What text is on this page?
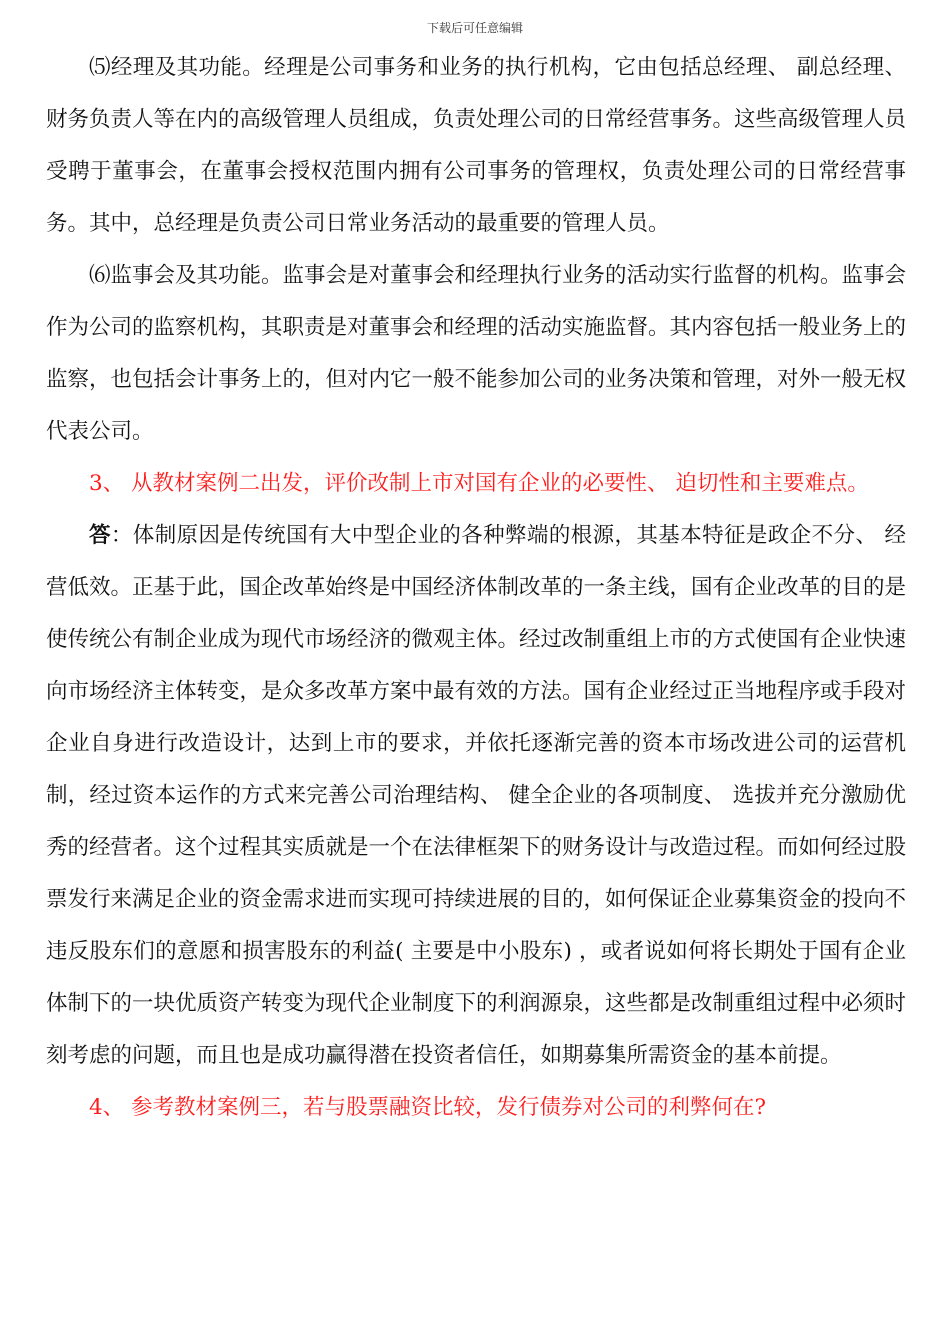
下载后可任意编辑

⑸经理及其功能。经理是公司事务和业务的执行机构，它由包括总经理、 副总经理、 财务负责人等在内的高级管理人员组成，负责处理公司的日常经营事务。这些高级管理人员受聘于董事会，在董事会授权范围内拥有公司事务的管理权，负责处理公司的日常经营事务。其中，总经理是负责公司日常业务活动的最重要的管理人员。

⑹监事会及其功能。监事会是对董事会和经理执行业务的活动实行监督的机构。监事会作为公司的监察机构，其职责是对董事会和经理的活动实施监督。其内容包括一般业务上的监察，也包括会计事务上的，但对内它一般不能参加公司的业务决策和管理，对外一般无权代表公司。

3、 从教材案例二出发，评价改制上市对国有企业的必要性、 迫切性和主要难点。

答：体制原因是传统国有大中型企业的各种弊端的根源，其基本特征是政企不分、 经营低效。正基于此，国企改革始终是中国经济体制改革的一条主线，国有企业改革的目的是使传统公有制企业成为现代市场经济的微观主体。经过改制重组上市的方式使国有企业快速向市场经济主体转变，是众多改革方案中最有效的方法。国有企业经过正当地程序或手段对企业自身进行改造设计，达到上市的要求，并依托逐渐完善的资本市场改进公司的运营机制，经过资本运作的方式来完善公司治理结构、 健全企业的各项制度、 选拔并充分激励优秀的经营者。这个过程其实质就是一个在法律框架下的财务设计与改造过程。而如何经过股票发行来满足企业的资金需求进而实现可持续进展的目的，如何保证企业募集资金的投向不违反股东们的意愿和损害股东的利益( 主要是中小股东) ，或者说如何将长期处于国有企业体制下的一块优质资产转变为现代企业制度下的利润源泉，这些都是改制重组过程中必须时刻考虑的问题，而且也是成功赢得潜在投资者信任，如期募集所需资金的基本前提。

4、 参考教材案例三，若与股票融资比较，发行债券对公司的利弊何在?
